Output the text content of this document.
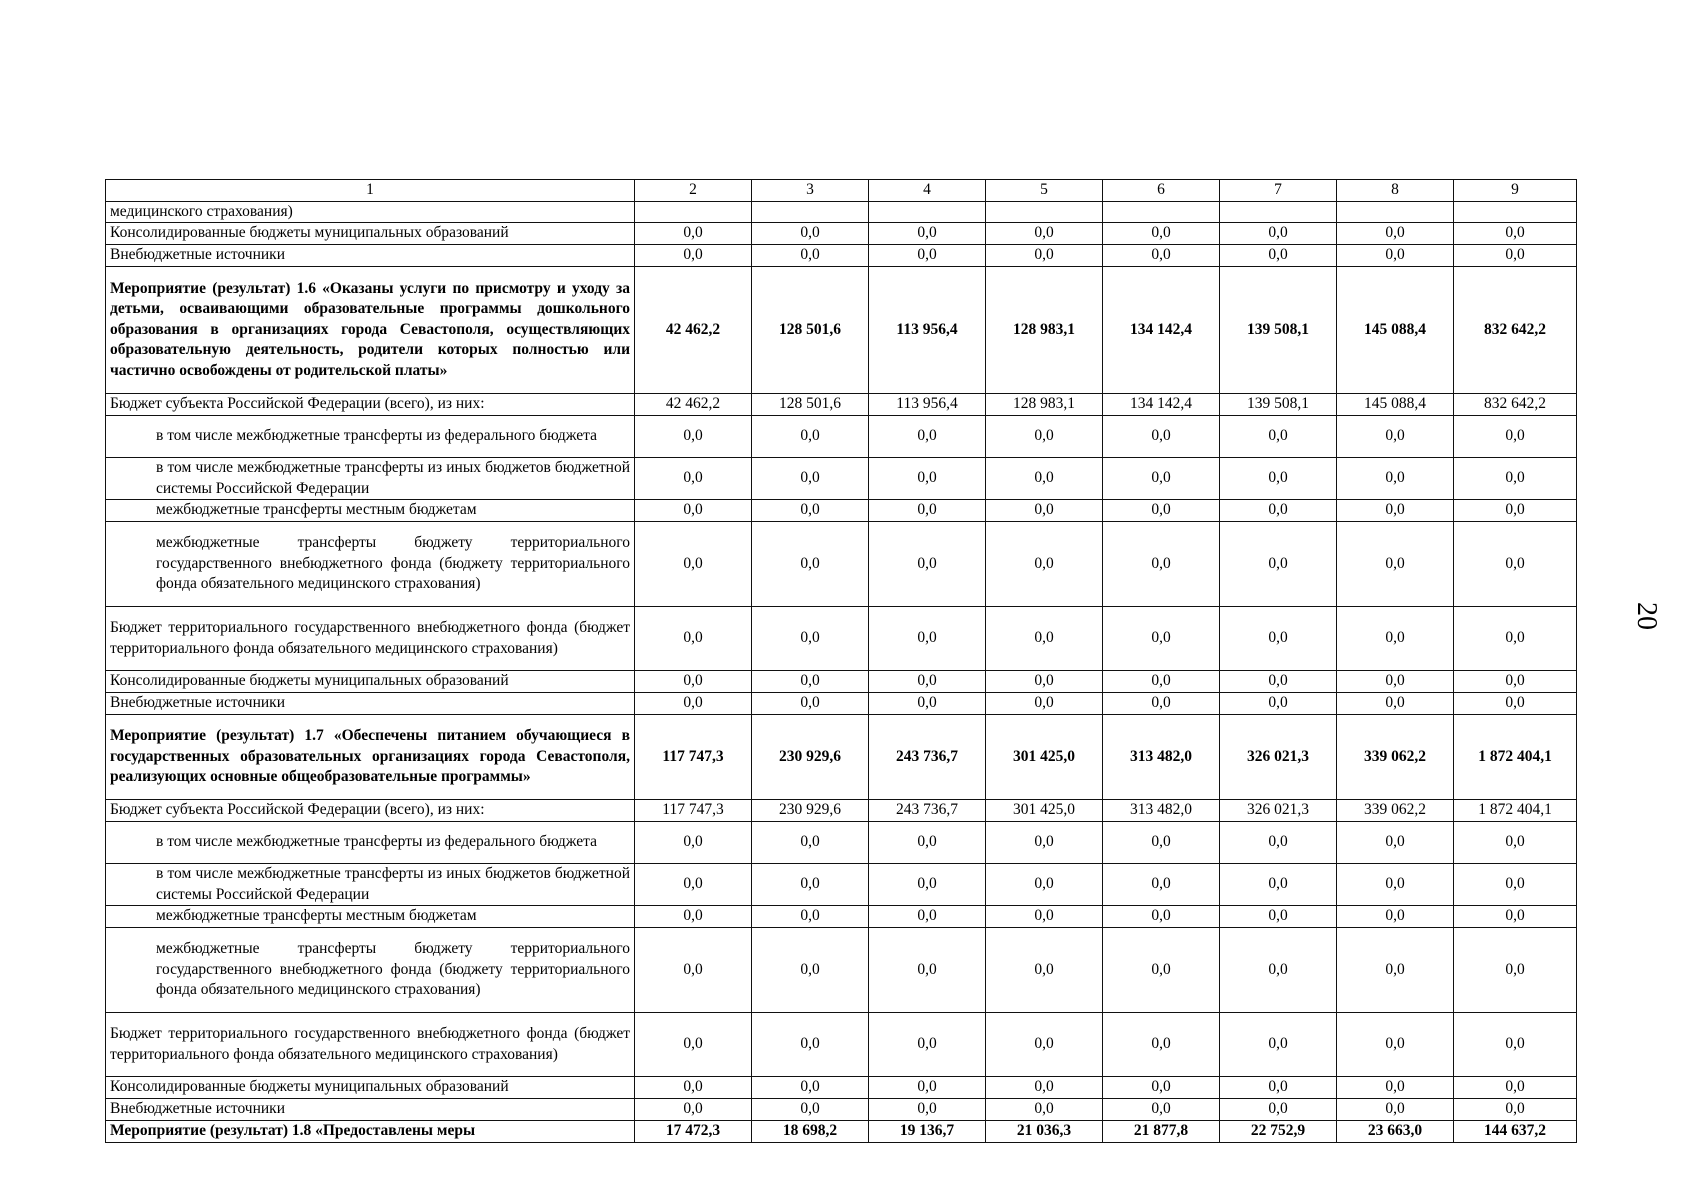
1	2	3	4	5	6	7	8	9
медицинского страхования)								
Консолидированные бюджеты муниципальных образований	0,0	0,0	0,0	0,0	0,0	0,0	0,0	0,0
Внебюджетные источники	0,0	0,0	0,0	0,0	0,0	0,0	0,0	0,0
Мероприятие (результат) 1.6 «Оказаны услуги по присмотру и уходу за детьми, осваивающими образовательные программы дошкольного образования в организациях города Севастополя, осуществляющих образовательную деятельность, родители которых полностью или частично освобождены от родительской платы»	42 462,2	128 501,6	113 956,4	128 983,1	134 142,4	139 508,1	145 088,4	832 642,2
Бюджет субъекта Российской Федерации (всего), из них:	42 462,2	128 501,6	113 956,4	128 983,1	134 142,4	139 508,1	145 088,4	832 642,2
в том числе межбюджетные трансферты из федерального бюджета	0,0	0,0	0,0	0,0	0,0	0,0	0,0	0,0
в том числе межбюджетные трансферты из иных бюджетов бюджетной системы Российской Федерации	0,0	0,0	0,0	0,0	0,0	0,0	0,0	0,0
межбюджетные трансферты местным бюджетам	0,0	0,0	0,0	0,0	0,0	0,0	0,0	0,0
межбюджетные трансферты бюджету территориального государственного внебюджетного фонда (бюджету территориального фонда обязательного медицинского страхования)	0,0	0,0	0,0	0,0	0,0	0,0	0,0	0,0
Бюджет территориального государственного внебюджетного фонда (бюджет территориального фонда обязательного медицинского страхования)	0,0	0,0	0,0	0,0	0,0	0,0	0,0	0,0
Консолидированные бюджеты муниципальных образований	0,0	0,0	0,0	0,0	0,0	0,0	0,0	0,0
Внебюджетные источники	0,0	0,0	0,0	0,0	0,0	0,0	0,0	0,0
Мероприятие (результат) 1.7 «Обеспечены питанием обучающиеся в государственных образовательных организациях города Севастополя, реализующих основные общеобразовательные программы»	117 747,3	230 929,6	243 736,7	301 425,0	313 482,0	326 021,3	339 062,2	1 872 404,1
Бюджет субъекта Российской Федерации (всего), из них:	117 747,3	230 929,6	243 736,7	301 425,0	313 482,0	326 021,3	339 062,2	1 872 404,1
в том числе межбюджетные трансферты из федерального бюджета	0,0	0,0	0,0	0,0	0,0	0,0	0,0	0,0
в том числе межбюджетные трансферты из иных бюджетов бюджетной системы Российской Федерации	0,0	0,0	0,0	0,0	0,0	0,0	0,0	0,0
межбюджетные трансферты местным бюджетам	0,0	0,0	0,0	0,0	0,0	0,0	0,0	0,0
межбюджетные трансферты бюджету территориального государственного внебюджетного фонда (бюджету территориального фонда обязательного медицинского страхования)	0,0	0,0	0,0	0,0	0,0	0,0	0,0	0,0
Бюджет территориального государственного внебюджетного фонда (бюджет территориального фонда обязательного медицинского страхования)	0,0	0,0	0,0	0,0	0,0	0,0	0,0	0,0
Консолидированные бюджеты муниципальных образований	0,0	0,0	0,0	0,0	0,0	0,0	0,0	0,0
Внебюджетные источники	0,0	0,0	0,0	0,0	0,0	0,0	0,0	0,0
Мероприятие (результат) 1.8 «Предоставлены меры	17 472,3	18 698,2	19 136,7	21 036,3	21 877,8	22 752,9	23 663,0	144 637,2
20
